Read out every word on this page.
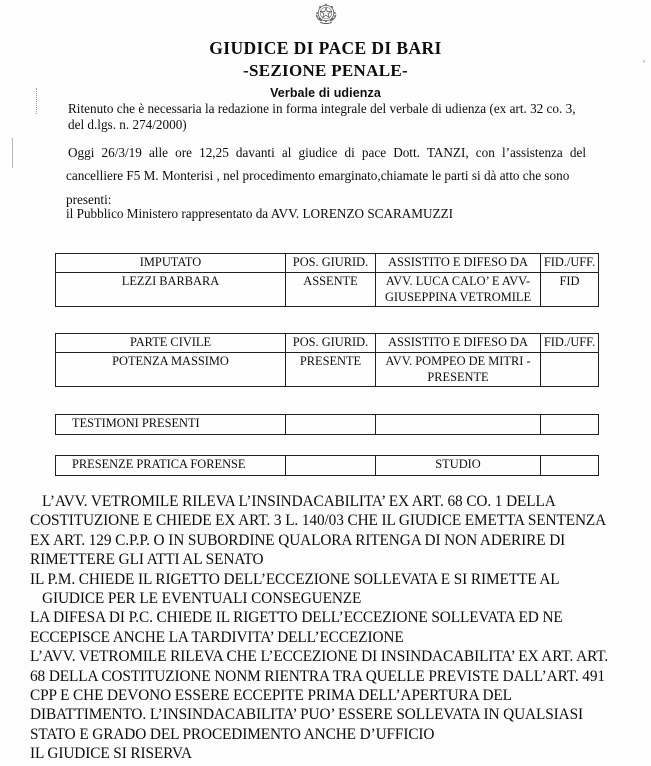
GIUDICE DI PACE DI BARI
-SEZIONE PENALE-
Verbale di udienza
Ritenuto che è necessaria la redazione in forma integrale del verbale di udienza (ex art. 32 co. 3, del d.lgs. n. 274/2000)
Oggi 26/3/19 alle ore 12,25 davanti al giudice di pace Dott. TANZI, con l’assistenza del cancelliere F5 M. Monterisi , nel procedimento emarginato,chiamate le parti si dà atto che sono
presenti:
il Pubblico Ministero rappresentato da AVV. LORENZO SCARAMUZZI
IMPUTATO	POS. GIURID.	ASSISTITO E DIFESO DA	FID./UFF.
LEZZI BARBARA	ASSENTE	AVV. LUCA CALO’ E AVV- GIUSEPPINA VETROMILE	FID
PARTE CIVILE	POS. GIURID.	ASSISTITO E DIFESO DA	FID./UFF.
POTENZA MASSIMO	PRESENTE	AVV. POMPEO DE MITRI - PRESENTE	
TESTIMONI PRESENTI			
PRESENZE PRATICA FORENSE		STUDIO	

L’AVV. VETROMILE RILEVA L’INSINDACABILITA’ EX ART. 68 CO. 1 DELLA

COSTITUZIONE E CHIEDE EX ART. 3 L. 140/03 CHE IL GIUDICE EMETTA SENTENZA

EX ART. 129 C.P.P. O IN SUBORDINE QUALORA RITENGA DI NON ADERIRE DI

RIMETTERE GLI ATTI AL SENATO

IL P.M. CHIEDE IL RIGETTO DELL’ECCEZIONE SOLLEVATA E SI RIMETTE AL

GIUDICE PER LE EVENTUALI CONSEGUENZE

LA DIFESA DI P.C. CHIEDE IL RIGETTO DELL’ECCEZIONE SOLLEVATA ED NE

ECCEPISCE ANCHE LA TARDIVITA’ DELL’ECCEZIONE

L’AVV. VETROMILE RILEVA CHE L’ECCEZIONE DI INSINDACABILITA’ EX ART. ART.

68 DELLA COSTITUZIONE NONM RIENTRA TRA QUELLE PREVISTE DALL’ART. 491

CPP E CHE DEVONO ESSERE ECCEPITE PRIMA DELL’APERTURA DEL

DIBATTIMENTO. L’INSINDACABILITA’ PUO’ ESSERE SOLLEVATA IN QUALSIASI

STATO E GRADO DEL PROCEDIMENTO ANCHE D’UFFICIO

IL GIUDICE SI RISERVA
